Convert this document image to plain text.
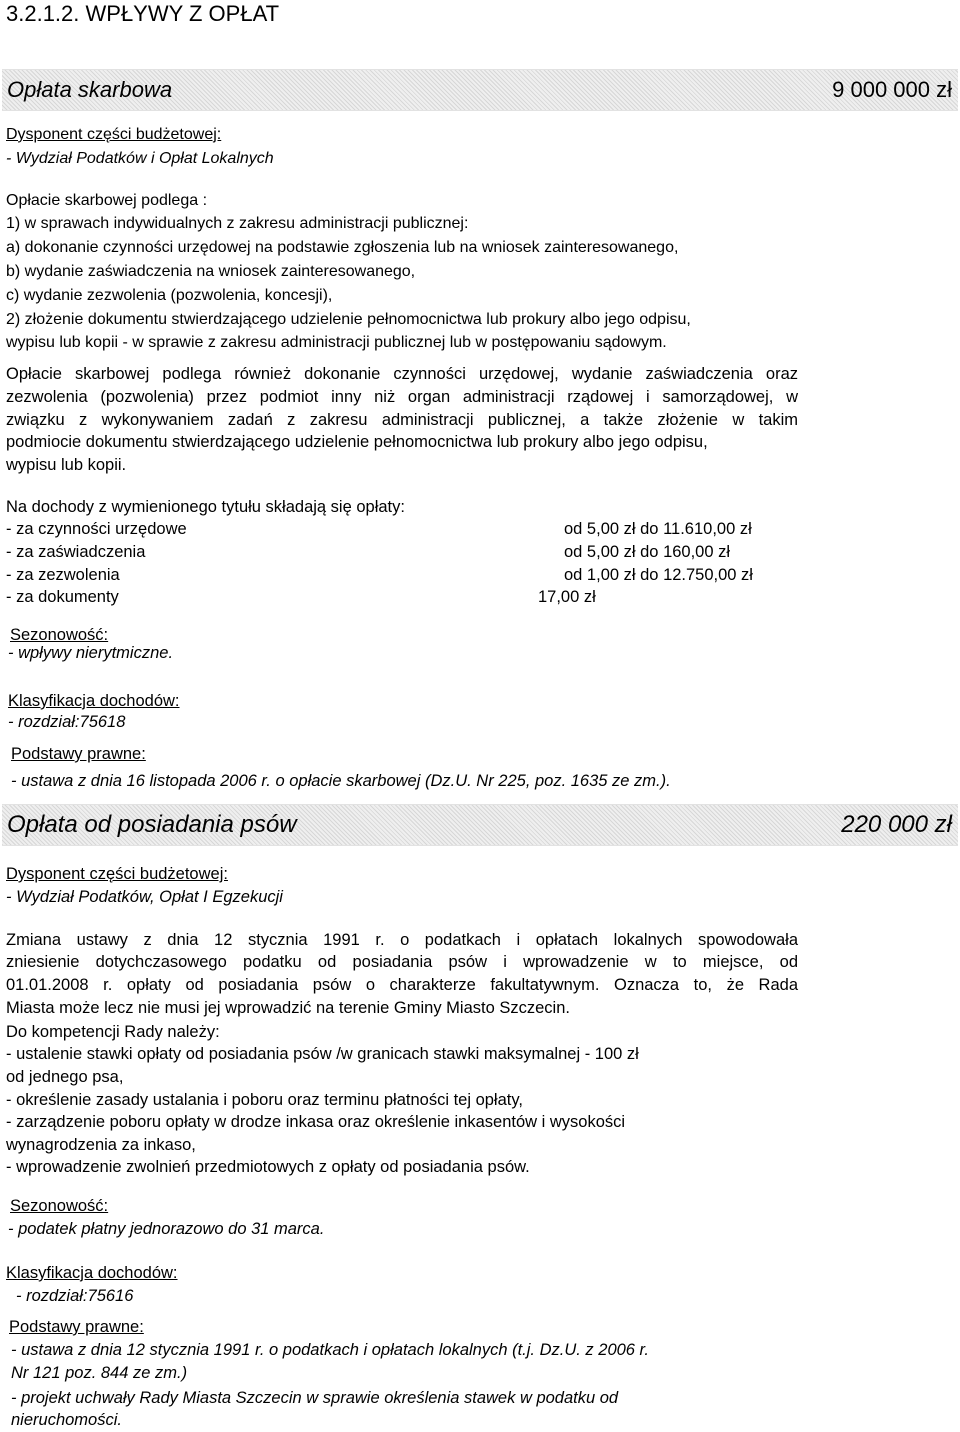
3.2.1.2. WPŁYWY Z OPŁAT
Opłata skarbowa	9 000 000 zł
Dysponent części budżetowej:
- Wydział Podatków i Opłat Lokalnych
Opłacie skarbowej podlega :
1) w sprawach indywidualnych z zakresu administracji publicznej:
a) dokonanie czynności urzędowej na podstawie zgłoszenia lub na wniosek zainteresowanego,
b) wydanie zaświadczenia na wniosek zainteresowanego,
c) wydanie zezwolenia (pozwolenia, koncesji),
2) złożenie dokumentu stwierdzającego udzielenie pełnomocnictwa lub prokury albo jego odpisu,
wypisu lub kopii - w sprawie z zakresu administracji publicznej lub w postępowaniu sądowym.
Opłacie skarbowej podlega również dokonanie czynności urzędowej, wydanie zaświadczenia oraz
zezwolenia (pozwolenia) przez podmiot inny niż organ administracji rządowej i samorządowej, w
związku z wykonywaniem zadań z zakresu administracji publicznej, a także złożenie w takim
podmiocie dokumentu stwierdzającego udzielenie pełnomocnictwa lub prokury albo jego odpisu,
wypisu lub kopii.
Na dochody z wymienionego tytułu składają się opłaty:
- za czynności urzędowe	od 5,00 zł do 11.610,00 zł
- za zaświadczenia	od 5,00 zł do 160,00 zł
- za zezwolenia	od 1,00 zł do 12.750,00 zł
- za dokumenty	17,00 zł
Sezonowość:
- wpływy nierytmiczne.
Klasyfikacja dochodów:
- rozdział:75618
Podstawy prawne:
- ustawa z dnia 16 listopada 2006 r. o opłacie skarbowej (Dz.U. Nr 225, poz. 1635 ze zm.).
Opłata od posiadania psów	220 000 zł
Dysponent części budżetowej:
- Wydział Podatków, Opłat I Egzekucji
Zmiana ustawy z dnia 12 stycznia 1991 r. o podatkach i opłatach lokalnych spowodowała
zniesienie dotychczasowego podatku od posiadania psów i wprowadzenie w to miejsce, od
01.01.2008 r. opłaty od posiadania psów o charakterze fakultatywnym. Oznacza to, że Rada
Miasta może lecz nie musi jej wprowadzić na terenie Gminy Miasto Szczecin.
Do kompetencji Rady należy:
- ustalenie stawki opłaty od posiadania psów /w granicach stawki maksymalnej - 100 zł
od jednego psa,
- określenie zasady ustalania i poboru oraz terminu płatności tej opłaty,
- zarządzenie poboru opłaty w drodze inkasa oraz określenie inkasentów i wysokości
wynagrodzenia za inkaso,
- wprowadzenie zwolnień przedmiotowych z opłaty od posiadania psów.
Sezonowość:
- podatek płatny jednorazowo do 31 marca.
Klasyfikacja dochodów:
- rozdział:75616
Podstawy prawne:
- ustawa z dnia 12 stycznia 1991 r. o podatkach i opłatach lokalnych (t.j. Dz.U. z 2006 r.
Nr 121 poz. 844 ze zm.)
- projekt uchwały Rady Miasta Szczecin w sprawie określenia stawek w podatku od
nieruchomości.
